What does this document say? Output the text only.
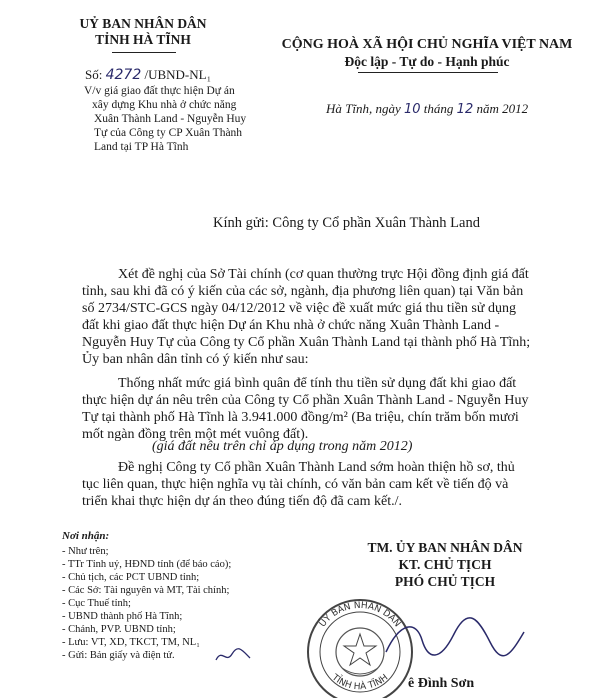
UỶ BAN NHÂN DÂN
TỈNH HÀ TĨNH
Số: 4272 /UBND-NL₁
V/v giá giao đất thực hiện Dự án
xây dựng Khu nhà ở chức năng
Xuân Thành Land - Nguyễn Huy
Tự của Công ty CP Xuân Thành
Land tại TP Hà Tĩnh
CỘNG HOÀ XÃ HỘI CHỦ NGHĨA VIỆT NAM
Độc lập - Tự do - Hạnh phúc
Hà Tĩnh, ngày 10 tháng 12 năm 2012
Kính gửi: Công ty Cổ phần Xuân Thành Land
Xét đề nghị của Sở Tài chính (cơ quan thường trực Hội đồng định giá đất
tỉnh, sau khi đã có ý kiến của các sở, ngành, địa phương liên quan) tại Văn bản
số 2734/STC-GCS ngày 04/12/2012 về việc đề xuất mức giá thu tiền sử dụng
đất khi giao đất thực hiện Dự án Khu nhà ở chức năng Xuân Thành Land -
Nguyễn Huy Tự của Công ty Cổ phần Xuân Thành Land tại thành phố Hà Tĩnh;
Ủy ban nhân dân tỉnh có ý kiến như sau:
Thống nhất mức giá bình quân để tính thu tiền sử dụng đất khi giao đất
thực hiện dự án nêu trên của Công ty Cổ phần Xuân Thành Land - Nguyễn Huy
Tự tại thành phố Hà Tĩnh là 3.941.000 đồng/m² (Ba triệu, chín trăm bốn mươi
mốt ngàn đồng trên một mét vuông đất).
(giá đất nêu trên chỉ áp dụng trong năm 2012)
Đề nghị Công ty Cổ phần Xuân Thành Land sớm hoàn thiện hồ sơ, thủ
tục liên quan, thực hiện nghĩa vụ tài chính, có văn bản cam kết về tiến độ và
triển khai thực hiện dự án theo đúng tiến độ đã cam kết./.
Nơi nhận:
- Như trên;
- TTr Tỉnh uỷ, HĐND tỉnh (để báo cáo);
- Chủ tịch, các PCT UBND tỉnh;
- Các Sở: Tài nguyên và MT, Tài chính;
- Cục Thuế tỉnh;
- UBND thành phố Hà Tĩnh;
- Chánh, PVP. UBND tỉnh;
- Lưu: VT, XD, TKCT, TM, NL₁
- Gửi: Bản giấy và điện tử.
TM. ỦY BAN NHÂN DÂN
KT. CHỦ TỊCH
PHÓ CHỦ TỊCH
ỦY BAN NHÂN DÂN
TỈNH HÀ TĨNH ê Đình Sơn
